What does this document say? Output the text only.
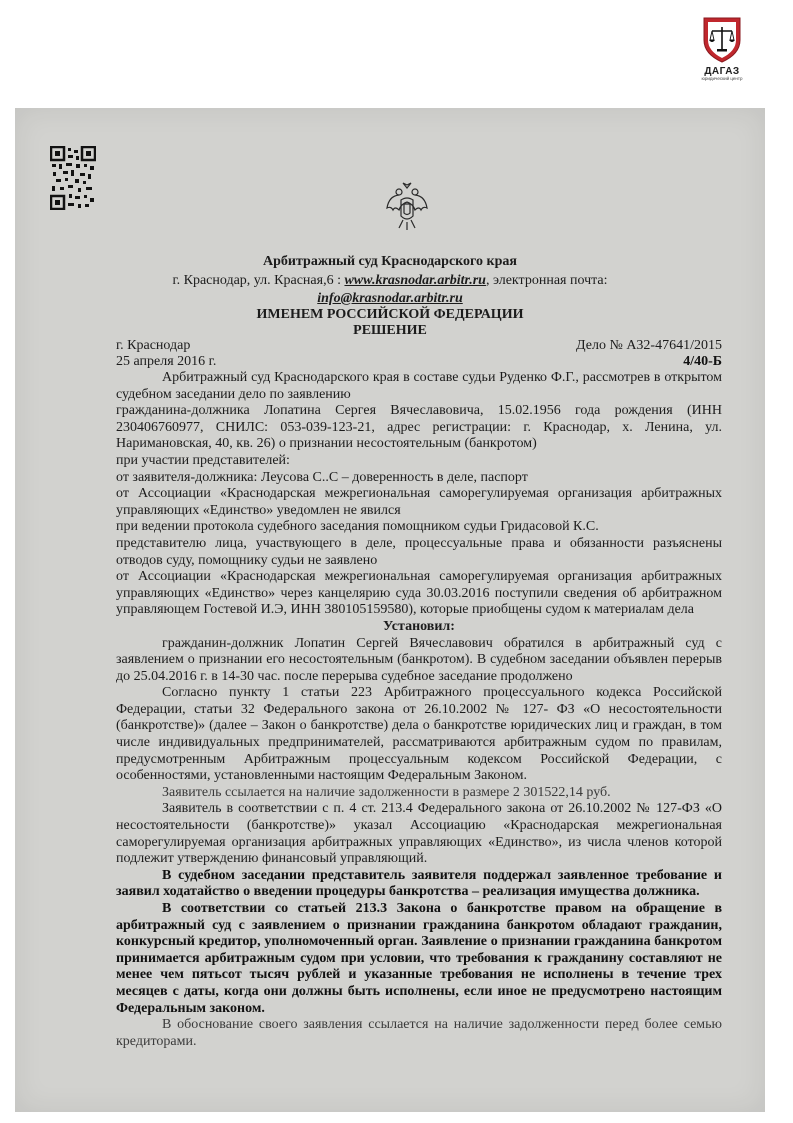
ДАГАЗ
юридический центр
Арбитражный суд Краснодарского края
г. Краснодар, ул. Красная,6 : www.krasnodar.arbitr.ru, электронная почта:
info@krasnodar.arbitr.ru
ИМЕНЕМ РОССИЙСКОЙ ФЕДЕРАЦИИ
РЕШЕНИЕ
г. Краснодар	Дело № А32-47641/2015
25 апреля 2016 г.	4/40-Б

Арбитражный суд Краснодарского края в составе судьи Руденко Ф.Г., рассмотрев в открытом судебном заседании дело по заявлению

гражданина-должника Лопатина Сергея Вячеславовича, 15.02.1956 года рождения (ИНН 230406760977, СНИЛС: 053-039-123-21, адрес регистрации: г. Краснодар, х. Ленина, ул. Наримановская, 40, кв. 26) о признании несостоятельным (банкротом)

при участии представителей:

от заявителя-должника: Леусова С..С – доверенность в деле, паспорт

от Ассоциации «Краснодарская межрегиональная саморегулируемая организация арбитражных управляющих «Единство» уведомлен не явился

при ведении протокола судебного заседания помощником судьи Гридасовой К.С.

представителю лица, участвующего в деле, процессуальные права и обязанности разъяснены отводов суду, помощнику судьи не заявлено

от Ассоциации «Краснодарская межрегиональная саморегулируемая организация арбитражных управляющих «Единство» через канцелярию суда 30.03.2016 поступили сведения об арбитражном управляющем Гостевой И.Э, ИНН 380105159580), которые приобщены судом к материалам дела

Установил:

гражданин-должник Лопатин Сергей Вячеславович обратился в арбитражный суд с заявлением о признании его несостоятельным (банкротом). В судебном заседании объявлен перерыв до 25.04.2016 г. в 14-30 час. после перерыва судебное заседание продолжено

Согласно пункту 1 статьи 223 Арбитражного процессуального кодекса Российской Федерации, статьи 32 Федерального закона от 26.10.2002 № 127- ФЗ «О несостоятельности (банкротстве)» (далее – Закон о банкротстве) дела о банкротстве юридических лиц и граждан, в том числе индивидуальных предпринимателей, рассматриваются арбитражным судом по правилам, предусмотренным Арбитражным процессуальным кодексом Российской Федерации, с особенностями, установленными настоящим Федеральным Законом.

Заявитель ссылается на наличие задолженности в размере 2 301522,14 руб.

Заявитель в соответствии с п. 4 ст. 213.4 Федерального закона от 26.10.2002 № 127-ФЗ «О несостоятельности (банкротстве)» указал Ассоциацию «Краснодарская межрегиональная саморегулируемая организация арбитражных управляющих «Единство», из числа членов которой подлежит утверждению финансовый управляющий.

В судебном заседании представитель заявителя поддержал заявленное требование и заявил ходатайство о введении процедуры банкротства – реализация имущества должника.

В соответствии со статьей 213.3 Закона о банкротстве правом на обращение в арбитражный суд с заявлением о признании гражданина банкротом обладают гражданин, конкурсный кредитор, уполномоченный орган. Заявление о признании гражданина банкротом принимается арбитражным судом при условии, что требования к гражданину составляют не менее чем пятьсот тысяч рублей и указанные требования не исполнены в течение трех месяцев с даты, когда они должны быть исполнены, если иное не предусмотрено настоящим Федеральным законом.

В обоснование своего заявления ссылается на наличие задолженности перед более семью кредиторами.
